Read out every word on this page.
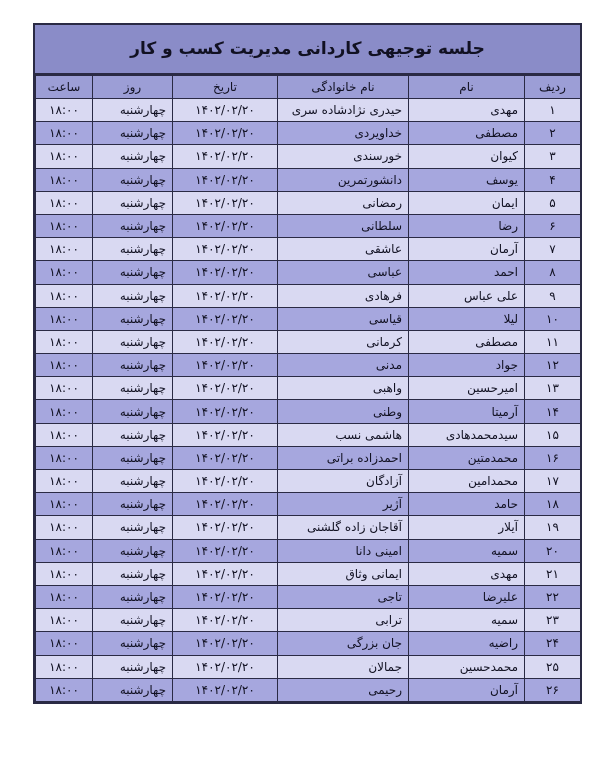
جلسه توجیهی کاردانی مدیریت کسب و کار
ردیف	نام	نام خانوادگی	تاریخ	روز	ساعت
۱	مهدی	حیدری نژادشاده سری	۱۴۰۲/۰۲/۲۰	چهارشنبه	۱۸:۰۰
۲	مصطفی	خداویردی	۱۴۰۲/۰۲/۲۰	چهارشنبه	۱۸:۰۰
۳	کیوان	خورسندی	۱۴۰۲/۰۲/۲۰	چهارشنبه	۱۸:۰۰
۴	یوسف	دانشورتمرین	۱۴۰۲/۰۲/۲۰	چهارشنبه	۱۸:۰۰
۵	ایمان	رمضانی	۱۴۰۲/۰۲/۲۰	چهارشنبه	۱۸:۰۰
۶	رضا	سلطانی	۱۴۰۲/۰۲/۲۰	چهارشنبه	۱۸:۰۰
۷	آرمان	عاشقی	۱۴۰۲/۰۲/۲۰	چهارشنبه	۱۸:۰۰
۸	احمد	عباسی	۱۴۰۲/۰۲/۲۰	چهارشنبه	۱۸:۰۰
۹	علی عباس	فرهادی	۱۴۰۲/۰۲/۲۰	چهارشنبه	۱۸:۰۰
۱۰	لیلا	قیاسی	۱۴۰۲/۰۲/۲۰	چهارشنبه	۱۸:۰۰
۱۱	مصطفی	کرمانی	۱۴۰۲/۰۲/۲۰	چهارشنبه	۱۸:۰۰
۱۲	جواد	مدنی	۱۴۰۲/۰۲/۲۰	چهارشنبه	۱۸:۰۰
۱۳	امیرحسین	واهبی	۱۴۰۲/۰۲/۲۰	چهارشنبه	۱۸:۰۰
۱۴	آرمیتا	وطنی	۱۴۰۲/۰۲/۲۰	چهارشنبه	۱۸:۰۰
۱۵	سیدمحمدهادی	هاشمی نسب	۱۴۰۲/۰۲/۲۰	چهارشنبه	۱۸:۰۰
۱۶	محمدمتین	احمدزاده براتی	۱۴۰۲/۰۲/۲۰	چهارشنبه	۱۸:۰۰
۱۷	محمدامین	آزادگان	۱۴۰۲/۰۲/۲۰	چهارشنبه	۱۸:۰۰
۱۸	حامد	آژیر	۱۴۰۲/۰۲/۲۰	چهارشنبه	۱۸:۰۰
۱۹	آیلار	آقاجان زاده گلشنی	۱۴۰۲/۰۲/۲۰	چهارشنبه	۱۸:۰۰
۲۰	سمیه	امینی دانا	۱۴۰۲/۰۲/۲۰	چهارشنبه	۱۸:۰۰
۲۱	مهدی	ایمانی وثاق	۱۴۰۲/۰۲/۲۰	چهارشنبه	۱۸:۰۰
۲۲	علیرضا	تاجی	۱۴۰۲/۰۲/۲۰	چهارشنبه	۱۸:۰۰
۲۳	سمیه	ترابی	۱۴۰۲/۰۲/۲۰	چهارشنبه	۱۸:۰۰
۲۴	راضیه	جان بزرگی	۱۴۰۲/۰۲/۲۰	چهارشنبه	۱۸:۰۰
۲۵	محمدحسین	جمالان	۱۴۰۲/۰۲/۲۰	چهارشنبه	۱۸:۰۰
۲۶	آرمان	رحیمی	۱۴۰۲/۰۲/۲۰	چهارشنبه	۱۸:۰۰
